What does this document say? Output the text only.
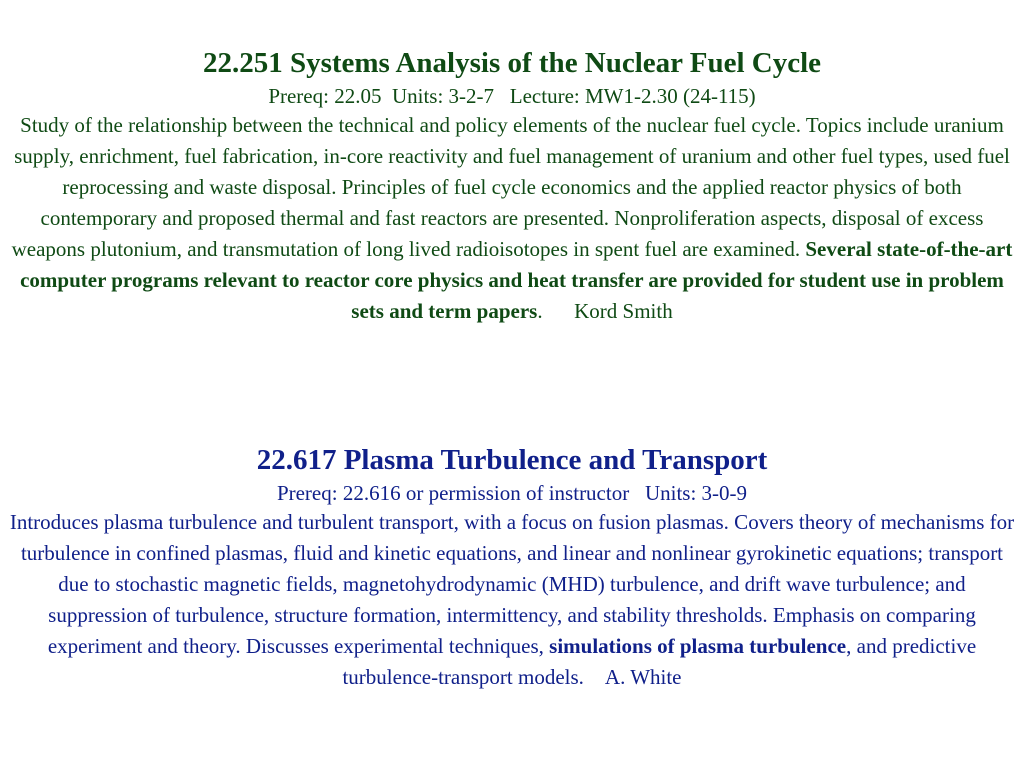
22.251 Systems Analysis of the Nuclear Fuel Cycle

Prereq: 22.05  Units: 3-2-7   Lecture: MW1-2.30 (24-115)

Study of the relationship between the technical and policy elements of the nuclear fuel cycle. Topics include uranium supply, enrichment, fuel fabrication, in-core reactivity and fuel management of uranium and other fuel types, used fuel reprocessing and waste disposal. Principles of fuel cycle economics and the applied reactor physics of both contemporary and proposed thermal and fast reactors are presented. Nonproliferation aspects, disposal of excess weapons plutonium, and transmutation of long lived radioisotopes in spent fuel are examined. Several state-of-the-art computer programs relevant to reactor core physics and heat transfer are provided for student use in problem sets and term papers. Kord Smith

22.617 Plasma Turbulence and Transport

Prereq: 22.616 or permission of instructor   Units: 3-0-9

Introduces plasma turbulence and turbulent transport, with a focus on fusion plasmas. Covers theory of mechanisms for turbulence in confined plasmas, fluid and kinetic equations, and linear and nonlinear gyrokinetic equations; transport due to stochastic magnetic fields, magnetohydrodynamic (MHD) turbulence, and drift wave turbulence; and suppression of turbulence, structure formation, intermittency, and stability thresholds. Emphasis on comparing experiment and theory. Discusses experimental techniques, simulations of plasma turbulence, and predictive turbulence-transport models. A. White
